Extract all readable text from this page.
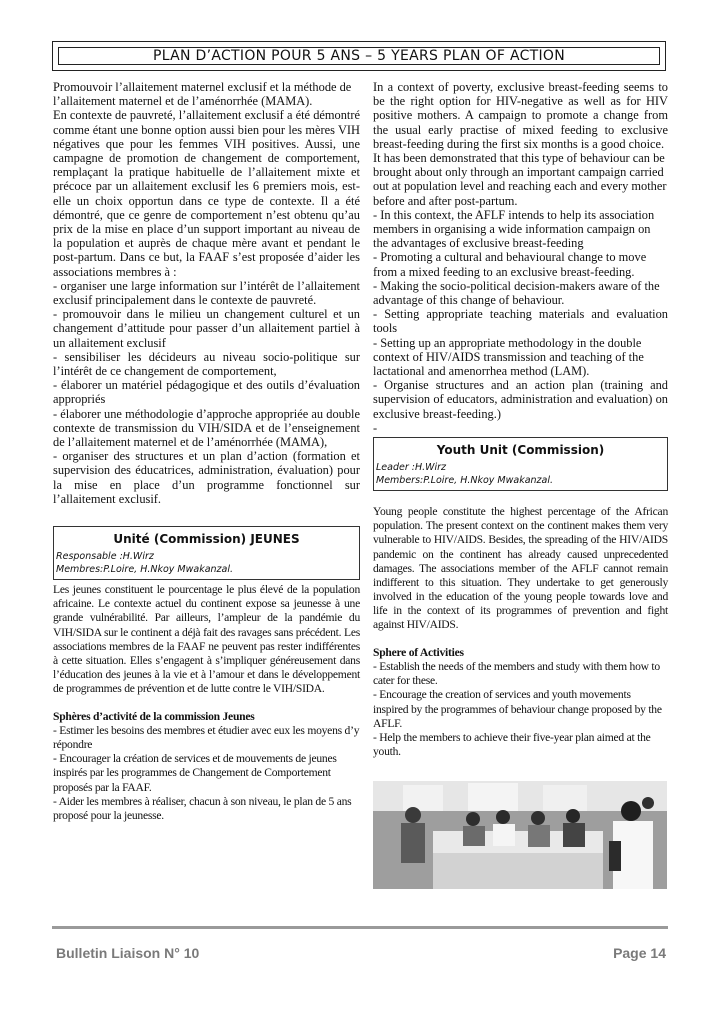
PLAN D’ACTION POUR 5 ANS – 5 YEARS PLAN OF ACTION

Promouvoir l’allaitement maternel exclusif et la méthode de l’allaitement maternel et de l’aménorrhée (MAMA).

En contexte de pauvreté, l’allaitement exclusif a été démontré comme étant une bonne option aussi bien pour les mères VIH négatives que pour les femmes VIH positives. Aussi, une campagne de promotion de changement de comportement, remplaçant la pratique habituelle de l’allaitement mixte et précoce par un allaitement exclusif les 6 premiers mois, est-elle un choix opportun dans ce type de contexte. Il a été démontré, que ce genre de comportement n’est obtenu qu’au prix de la mise en place d’un support important au niveau de la population et auprès de chaque mère avant et pendant le post-partum. Dans ce but, la FAAF s’est proposée d’aider les associations membres à :

- organiser une large information sur l’intérêt de l’allaitement exclusif principalement dans le contexte de pauvreté.

- promouvoir dans le milieu un changement culturel et un changement d’attitude pour passer d’un allaitement partiel à un allaitement exclusif

- sensibiliser les décideurs au niveau socio-politique sur l’intérêt de ce changement de comportement,

- élaborer un matériel pédagogique et des outils d’évaluation appropriés

- élaborer une méthodologie d’approche appropriée au double contexte de transmission du VIH/SIDA et de l’enseignement de l’allaitement maternel et de l’aménorrhée (MAMA),

- organiser des structures et un plan d’action (formation et supervision des éducatrices, administration, évaluation) pour la mise en place d’un programme fonctionnel sur l’allaitement exclusif.

Unité (Commission) JEUNES
Responsable :H.Wirz
Membres:P.Loire, H.Nkoy Mwakanzal.

Les jeunes constituent le pourcentage le plus élevé de la population africaine. Le contexte actuel du continent expose sa jeunesse à une grande vulnérabilité. Par ailleurs, l’ampleur de la pandémie du VIH/SIDA sur le continent a déjà fait des ravages sans précédent. Les associations membres de la FAAF ne peuvent pas rester indifférentes à cette situation. Elles s’engagent à s’impliquer généreusement dans l’éducation des jeunes à la vie et à l’amour et dans le développement de programmes de prévention et de lutte contre le VIH/SIDA.

Sphères d’activité de la commission Jeunes

- Estimer les besoins des membres et étudier avec eux les moyens d’y répondre

- Encourager la création de services et de mouvements de jeunes inspirés par les programmes de Changement de Comportement proposés par la FAAF.

- Aider les membres à réaliser, chacun à son niveau, le plan de 5 ans proposé pour la jeunesse.

In a context of poverty, exclusive breast-feeding seems to be the right option for HIV-negative as well as for HIV positive mothers. A campaign to promote a change from the usual early practise of mixed feeding to exclusive breast-feeding during the first six months is a good choice.

It has been demonstrated that this type of behaviour can be brought about only through an important campaign carried out at population level and reaching each and every mother before and after post-partum.

- In this context, the AFLF intends to help its association members in organising a wide information campaign on the advantages of exclusive breast-feeding

- Promoting a cultural and behavioural change to move from a mixed feeding to an exclusive breast-feeding.

- Making the socio-political decision-makers aware of the advantage of this change of behaviour.

- Setting appropriate teaching materials and evaluation tools

- Setting up an appropriate methodology in the double context of HIV/AIDS transmission and teaching of the lactational and amenorrhea method (LAM).

- Organise structures and an action plan (training and supervision of educators, administration and evaluation) on exclusive breast-feeding.)

-

Youth Unit (Commission)
Leader :H.Wirz
Members:P.Loire, H.Nkoy Mwakanzal.

Young people constitute the highest percentage of the African population. The present context on the continent makes them very vulnerable to HIV/AIDS. Besides, the spreading of the HIV/AIDS pandemic on the continent has already caused unprecedented damages. The associations member of the AFLF cannot remain indifferent to this situation. They undertake to get generously involved in the education of the young people towards love and life in the context of its programmes of prevention and fight against HIV/AIDS.

Sphere of Activities

- Establish the needs of the members and study with them how to cater for these.

- Encourage the creation of services and youth movements inspired by the programmes of behaviour change proposed by the AFLF.

- Help the members to achieve their five-year plan aimed at the youth.

Bulletin Liaison N° 10	Page 14
